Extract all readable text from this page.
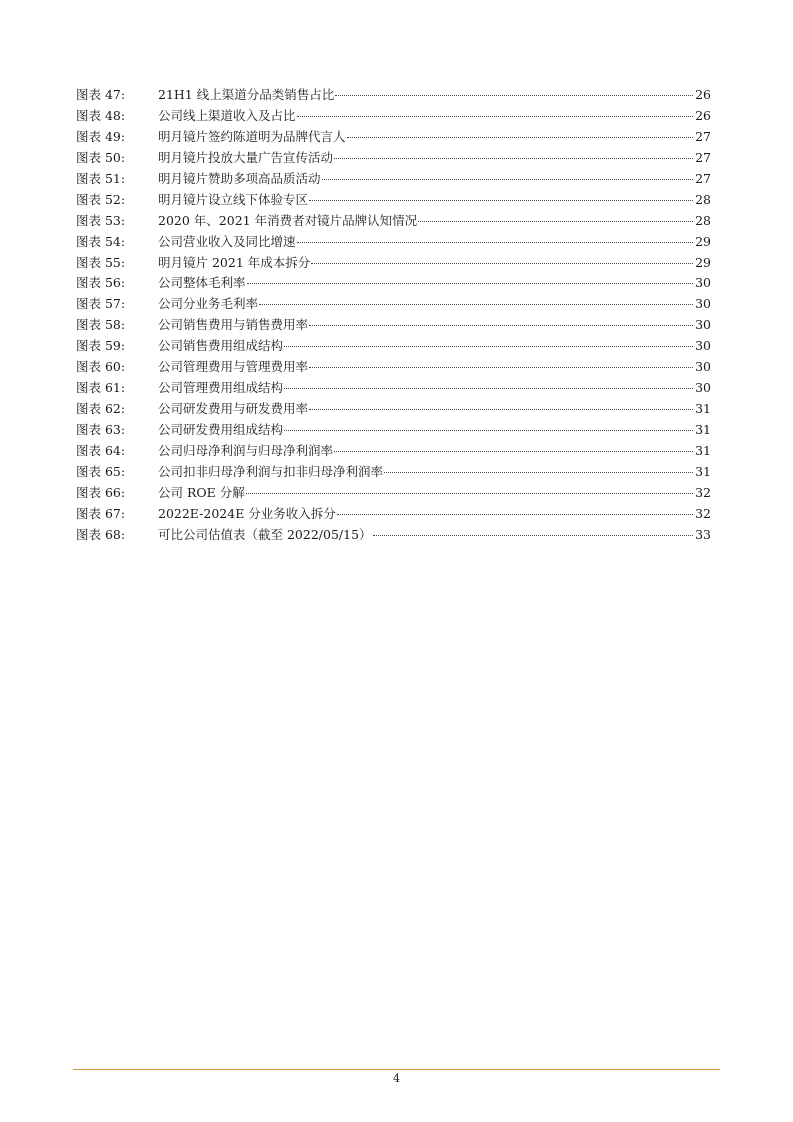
图表 47:	21H1 线上渠道分品类销售占比	26
图表 48:	公司线上渠道收入及占比	26
图表 49:	明月镜片签约陈道明为品牌代言人	27
图表 50:	明月镜片投放大量广告宣传活动	27
图表 51:	明月镜片赞助多项高品质活动	27
图表 52:	明月镜片设立线下体验专区	28
图表 53:	2020 年、2021 年消费者对镜片品牌认知情况	28
图表 54:	公司营业收入及同比增速	29
图表 55:	明月镜片 2021 年成本拆分	29
图表 56:	公司整体毛利率	30
图表 57:	公司分业务毛利率	30
图表 58:	公司销售费用与销售费用率	30
图表 59:	公司销售费用组成结构	30
图表 60:	公司管理费用与管理费用率	30
图表 61:	公司管理费用组成结构	30
图表 62:	公司研发费用与研发费用率	31
图表 63:	公司研发费用组成结构	31
图表 64:	公司归母净利润与归母净利润率	31
图表 65:	公司扣非归母净利润与扣非归母净利润率	31
图表 66:	公司 ROE 分解	32
图表 67:	2022E-2024E 分业务收入拆分	32
图表 68:	可比公司估值表（截至 2022/05/15）	33
4
